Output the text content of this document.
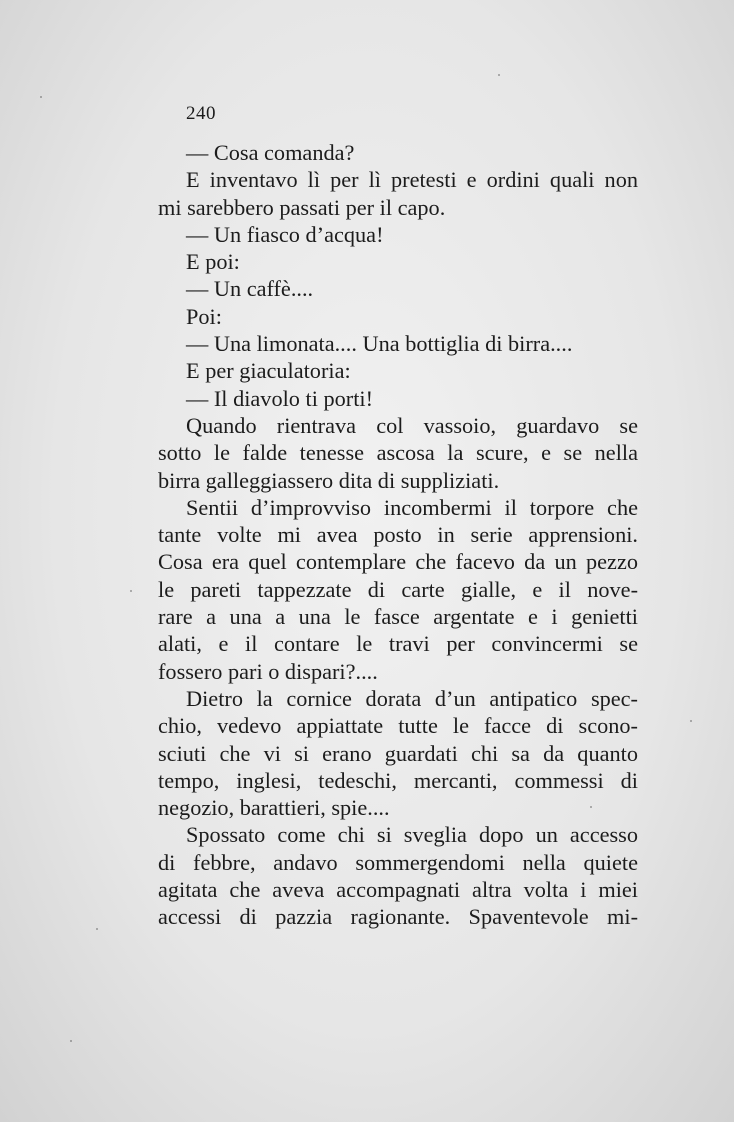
240

— Cosa comanda?

E inventavo lì per lì pretesti e ordini quali non

mi sarebbero passati per il capo.

— Un fiasco d’acqua!

E poi:

— Un caffè....

Poi:

— Una limonata.... Una bottiglia di birra....

E per giaculatoria:

— Il diavolo ti porti!

Quando rientrava col vassoio, guardavo se

sotto le falde tenesse ascosa la scure, e se nella

birra galleggiassero dita di suppliziati.

Sentii d’improvviso incombermi il torpore che

tante volte mi avea posto in serie apprensioni.

Cosa era quel contemplare che facevo da un pezzo

le pareti tappezzate di carte gialle, e il nove-

rare a una a una le fasce argentate e i genietti

alati, e il contare le travi per convincermi se

fossero pari o dispari?....

Dietro la cornice dorata d’un antipatico spec-

chio, vedevo appiattate tutte le facce di scono-

sciuti che vi si erano guardati chi sa da quanto

tempo, inglesi, tedeschi, mercanti, commessi di

negozio, barattieri, spie....

Spossato come chi si sveglia dopo un accesso

di febbre, andavo sommergendomi nella quiete

agitata che aveva accompagnati altra volta i miei

accessi di pazzia ragionante. Spaventevole mi-
